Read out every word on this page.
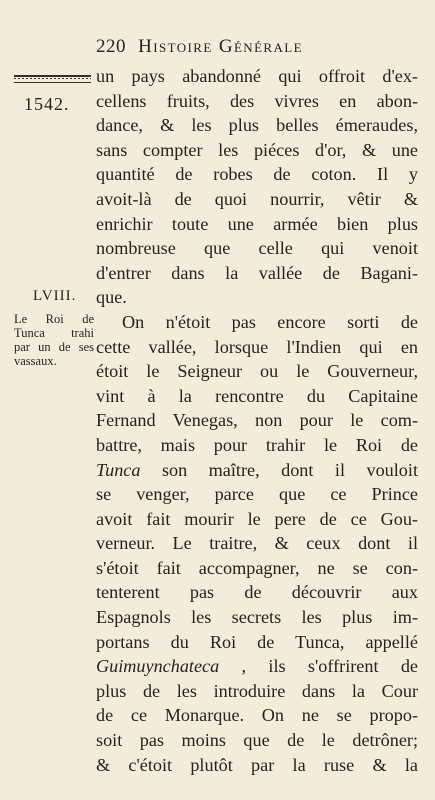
220 Histoire Générale
1542.
LVIII.
Le Roi de
Tunca trahi
par un de ses
vassaux.
un pays abandonné qui offroit d'ex-
cellens fruits, des vivres en abon-
dance, & les plus belles émeraudes,
sans compter les piéces d'or, & une
quantité de robes de coton. Il y
avoit-là de quoi nourrir, vêtir &
enrichir toute une armée bien plus
nombreuse que celle qui venoit
d'entrer dans la vallée de Bagani-
que.
On n'étoit pas encore sorti de
cette vallée, lorsque l'Indien qui en
étoit le Seigneur ou le Gouverneur,
vint à la rencontre du Capitaine
Fernand Venegas, non pour le com-
battre, mais pour trahir le Roi de
Tunca son maître, dont il vouloit
se venger, parce que ce Prince
avoit fait mourir le pere de ce Gou-
verneur. Le traitre, & ceux dont il
s'étoit fait accompagner, ne se con-
tenterent pas de découvrir aux
Espagnols les secrets les plus im-
portans du Roi de Tunca, appellé
Guimuynchateca , ils s'offrirent de
plus de les introduire dans la Cour
de ce Monarque. On ne se propo-
soit pas moins que de le detrôner;
& c'étoit plutôt par la ruse & la
